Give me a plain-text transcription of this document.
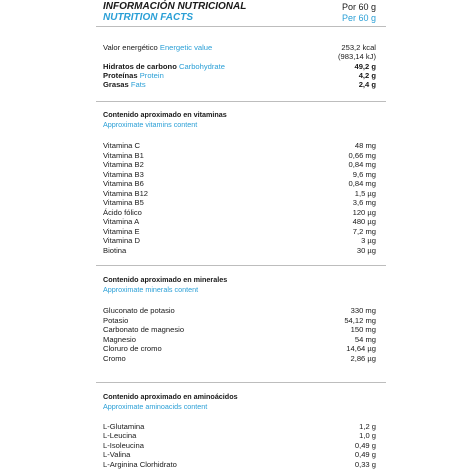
INFORMACIÓN NUTRICIONAL	Por 60 g
NUTRITION FACTS	Per 60 g
Valor energético Energetic value	253,2 kcal
(983,14 kJ)
Hidratos de carbono Carbohydrate	49,2 g
Proteínas Protein	4,2 g
Grasas Fats	2,4 g
Contenido aproximado en vitaminas
Approximate vitamins content
Vitamina C	48 mg
Vitamina B1	0,66 mg
Vitamina B2	0,84 mg
Vitamina B3	9,6 mg
Vitamina B6	0,84 mg
Vitamina B12	1,5 µg
Vitamina B5	3,6 mg
Ácido fólico	120 µg
Vitamina A	480 µg
Vitamina E	7,2 mg
Vitamina D	3 µg
Biotina	30 µg
Contenido aproximado en minerales
Approximate minerals content
Gluconato de potasio	330 mg
Potasio	54,12 mg
Carbonato de magnesio	150 mg
Magnesio	54 mg
Cloruro de cromo	14,64 µg
Cromo	2,86 µg
Contenido aproximado en aminoácidos
Approximate aminoacids content
L-Glutamina	1,2 g
L-Leucina	1,0 g
L-Isoleucina	0,49 g
L-Valina	0,49 g
L-Arginina Clorhidrato	0,33 g
